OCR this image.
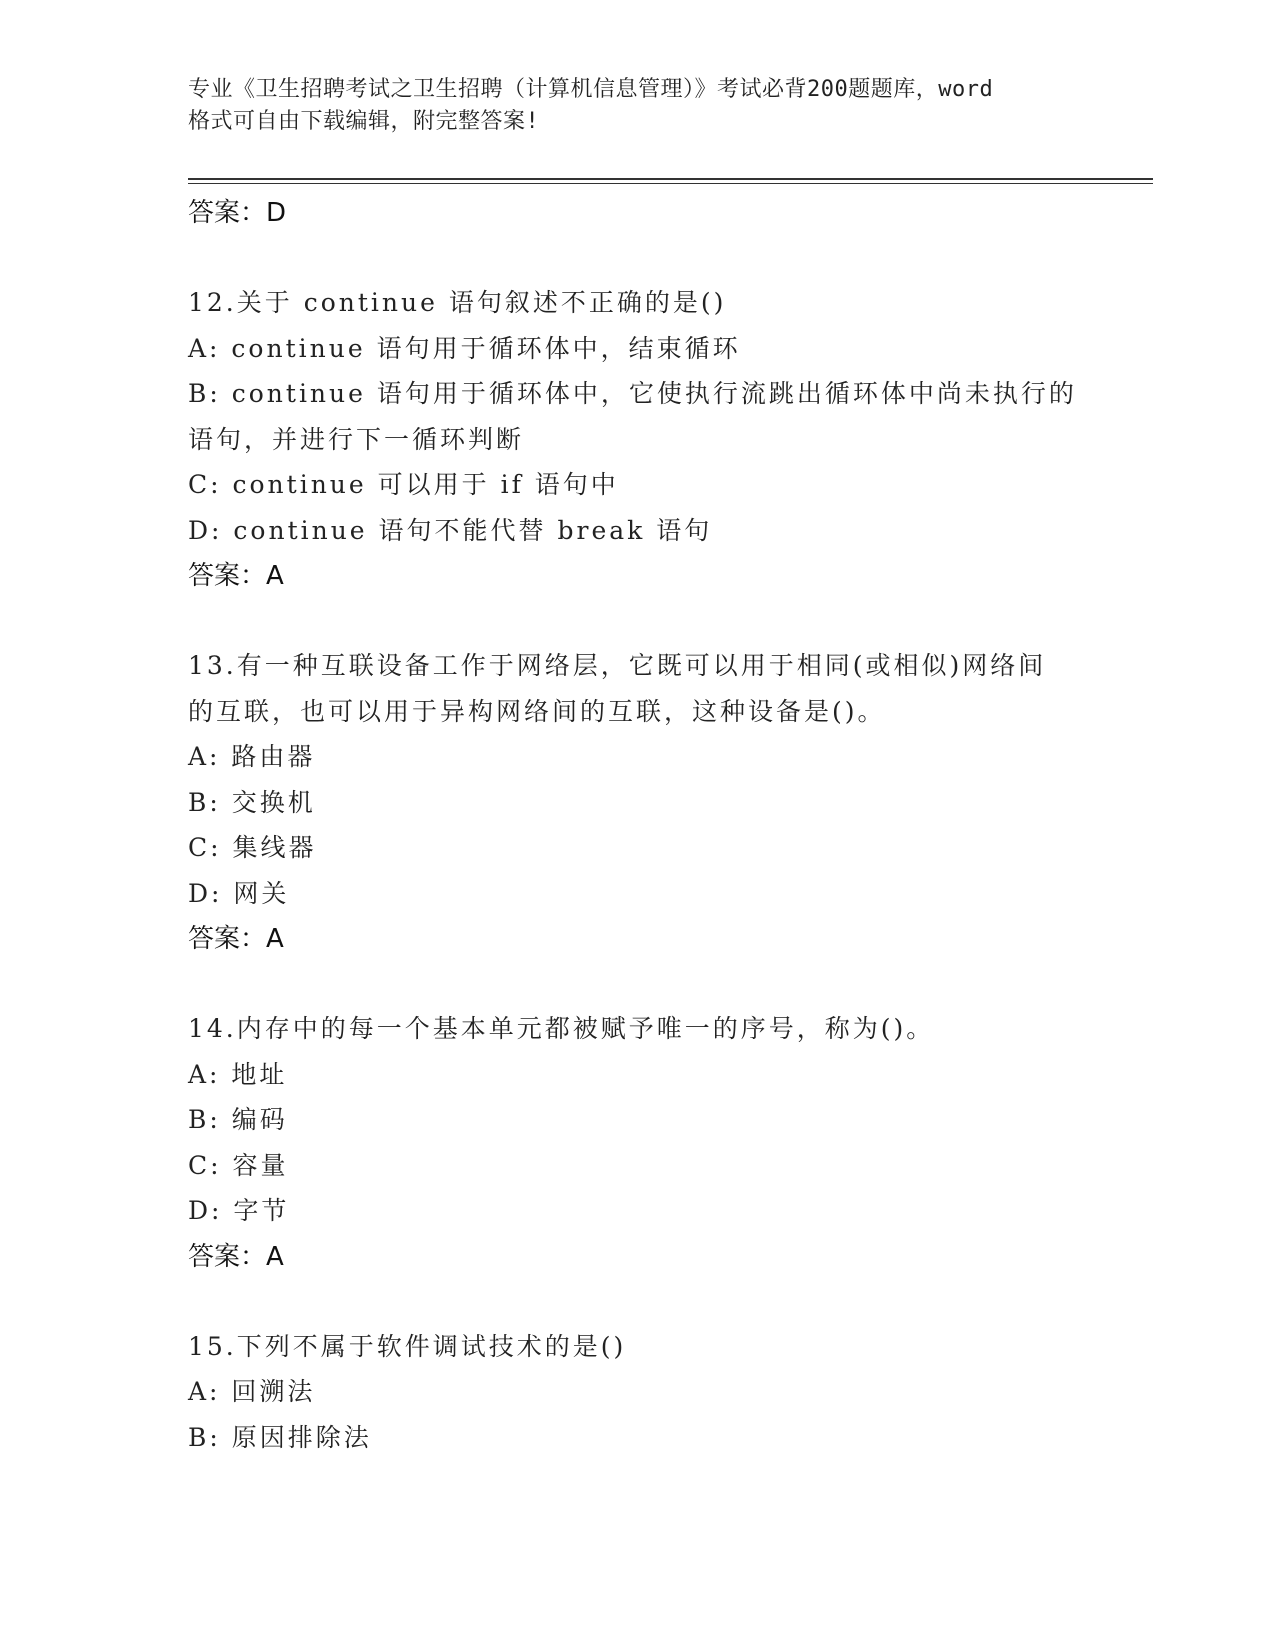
专业《卫生招聘考试之卫生招聘（计算机信息管理）》考试必背200题题库，word
格式可自由下载编辑，附完整答案!
答案：D
12.关于 continue 语句叙述不正确的是()
A: continue 语句用于循环体中，结束循环
B: continue 语句用于循环体中，它使执行流跳出循环体中尚未执行的
语句，并进行下一循环判断
C: continue 可以用于 if 语句中
D: continue 语句不能代替 break 语句
答案：A
13.有一种互联设备工作于网络层，它既可以用于相同(或相似)网络间
的互联，也可以用于异构网络间的互联，这种设备是()。
A: 路由器
B: 交换机
C: 集线器
D: 网关
答案：A
14.内存中的每一个基本单元都被赋予唯一的序号，称为()。
A: 地址
B: 编码
C: 容量
D: 字节
答案：A
15.下列不属于软件调试技术的是()
A: 回溯法
B: 原因排除法
